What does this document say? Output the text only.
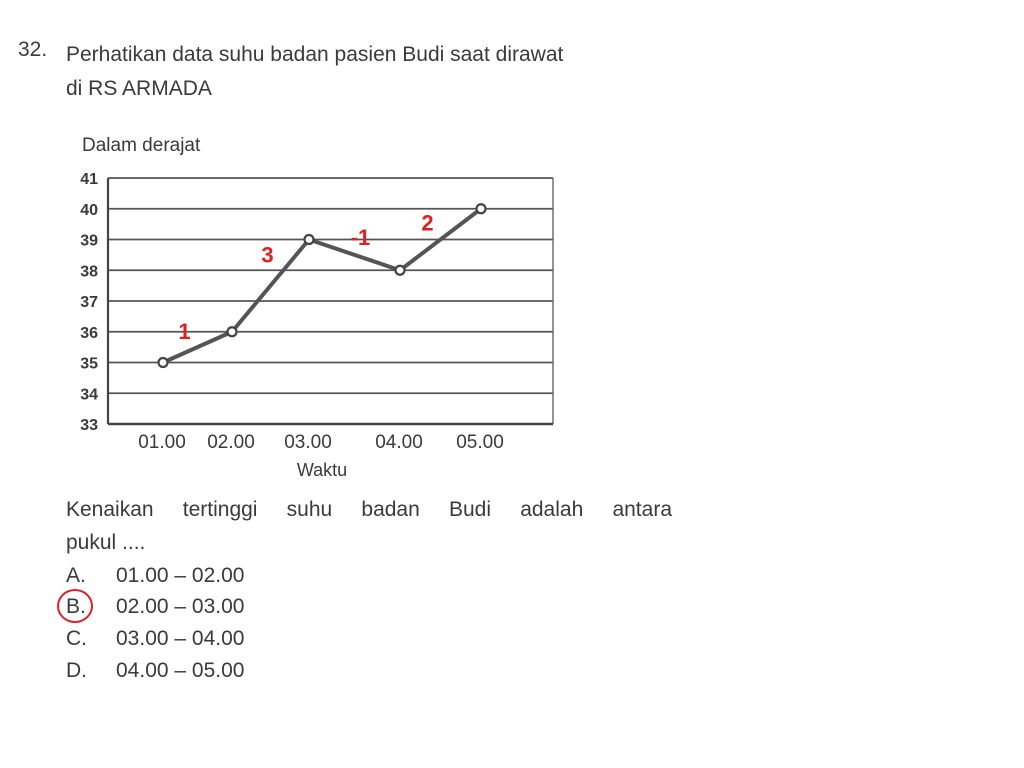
32. Perhatikan data suhu badan pasien Budi saat dirawat
di RS ARMADA
Dalam derajat
33
34
35
36
37
38
39
40
41
01.00 02.00 03.00 04.00 05.00
Waktu
1
3
-1
2
Kenaikan tertinggi suhu badan Budi adalah antara
pukul ....
A. 01.00 – 02.00
B. 02.00 – 03.00
C. 03.00 – 04.00
D. 04.00 – 05.00
